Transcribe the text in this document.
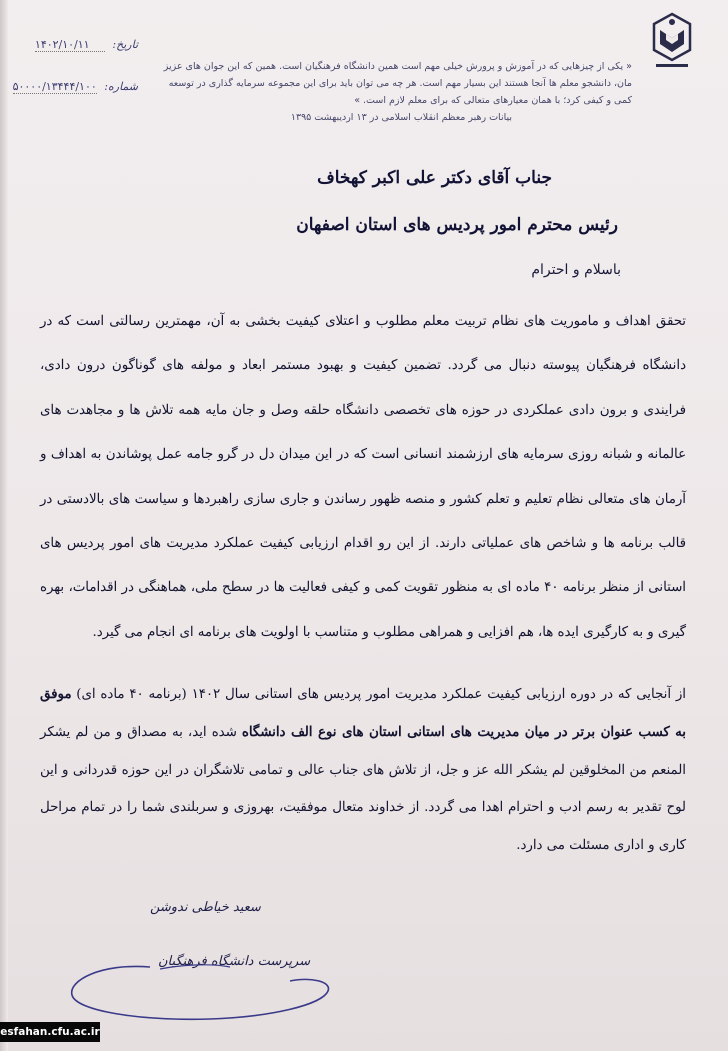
تاریخ: ۱۴۰۲/۱۰/۱۱
شماره: ۵۰۰۰۰/۱۳۴۴۴/۱۰۰
« یکی از چیزهایی که در آموزش و پرورش خیلی مهم است همین دانشگاه فرهنگیان است. همین که این جوان های عزیز مان، دانشجو معلم ها آنجا هستند این بسیار مهم است. هر چه می توان باید برای این مجموعه سرمایه گذاری در توسعه کمی و کیفی کرد؛ با همان معیارهای متعالی که برای معلم لازم است. »
بیانات رهبر معظم انقلاب اسلامی در ۱۳ اردیبهشت ۱۳۹۵
جناب آقای دکتر علی اکبر کهخاف
رئیس محترم امور پردیس های استان اصفهان
باسلام و احترام
تحقق اهداف و ماموریت های نظام تربیت معلم مطلوب و اعتلای کیفیت بخشی به آن، مهمترین رسالتی است که در دانشگاه فرهنگیان پیوسته دنبال می گردد. تضمین کیفیت و بهبود مستمر ابعاد و مولفه های گوناگون درون دادی، فرایندی و برون دادی عملکردی در حوزه های تخصصی دانشگاه حلقه وصل و جان مایه همه تلاش ها و مجاهدت های عالمانه و شبانه روزی سرمایه های ارزشمند انسانی است که در این میدان دل در گرو جامه عمل پوشاندن به اهداف و آرمان های متعالی نظام تعلیم و تعلم کشور و منصه ظهور رساندن و جاری سازی راهبردها و سیاست های بالادستی در قالب برنامه ها و شاخص های عملیاتی دارند. از این رو اقدام ارزیابی کیفیت عملکرد مدیریت های امور پردیس های استانی از منظر برنامه ۴۰ ماده ای به منظور تقویت کمی و کیفی فعالیت ها در سطح ملی، هماهنگی در اقدامات، بهره گیری و به کارگیری ایده ها، هم افزایی و همراهی مطلوب و متناسب با اولویت های برنامه ای انجام می گیرد.
از آنجایی که در دوره ارزیابی کیفیت عملکرد مدیریت امور پردیس های استانی سال ۱۴۰۲ (برنامه ۴۰ ماده ای) موفق به کسب عنوان برتر در میان مدیریت های استانی استان های نوع الف دانشگاه شده اید، به مصداق و من لم یشکر المنعم من المخلوقین لم یشکر الله عز و جل، از تلاش های جناب عالی و تمامی تلاشگران در این حوزه قدردانی و این لوح تقدیر به رسم ادب و احترام اهدا می گردد. از خداوند متعال موفقیت، بهروزی و سربلندی شما را در تمام مراحل کاری و اداری مسئلت می دارد.
سعید خیاطی ندوشن
سرپرست دانشگاه فرهنگیان
esfahan.cfu.ac.ir
